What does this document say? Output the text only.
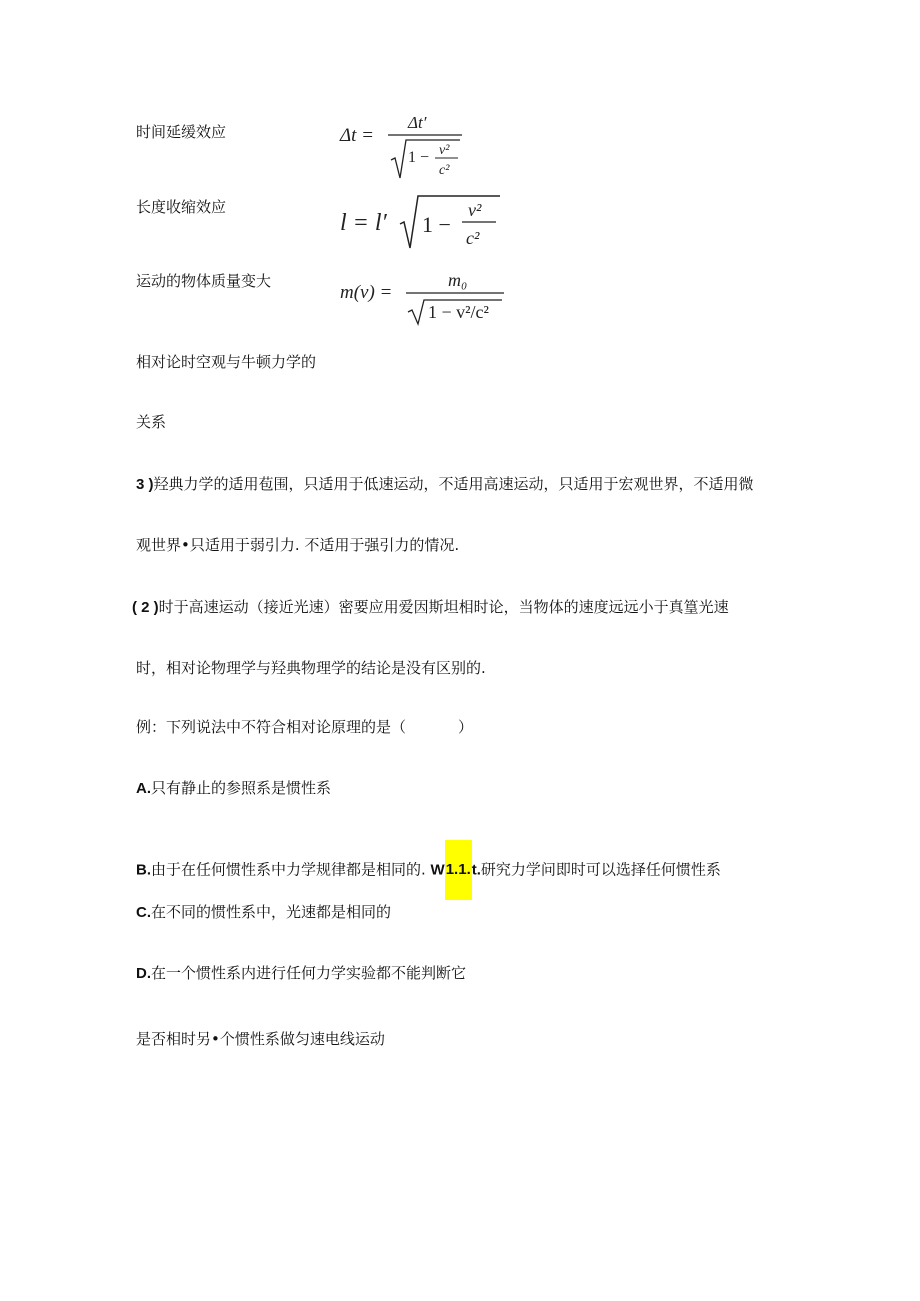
时间延缓效应
长度收缩效应
运动的物体质量变大
Δt =
Δt′
1 − v²
c²
l = l′ 1 −
v²
c²
m(v) =
m₀
1 − v²/c²
相对论时空观与牛顿力学的
关系
3 )羟典力学的适用苞围，只适用于低速运动，不适用高速运动，只适用于宏观世界，不适用微
观世界•只适用于弱引力. 不适用于强引力的情况.
( 2 )时于高速运动（接近光速）密要应用爱因斯坦相时论，当物体的速度远远小于真篁光速
时，相对论物理学与羟典物理学的结论是没有区别的.
例：下列说法中不符合相对论原理的是（	）
A.只有静止的参照系是惯性系
B.由于在任何惯性系中力学规律都是相同的. W1.1.t.研究力学问即时可以选择任何惯性系
C.在不同的惯性系中，光速都是相同的
D.在一个惯性系内进行任何力学实验都不能判断它
是否相时另•个惯性系做匀速电线运动
